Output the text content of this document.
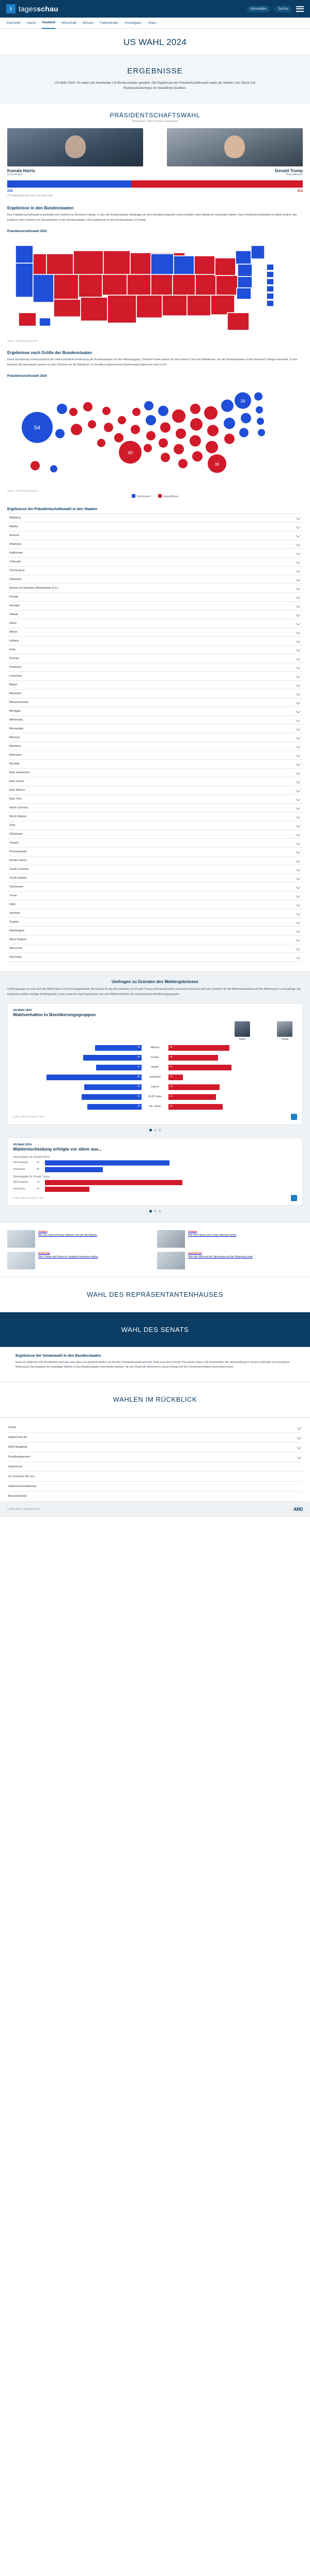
t tagesschau	Anmelden	Suche
Startseite Inland Ausland Wirtschaft Wissen Faktenfinder Investigativ Video
US WAHL 2024
ERGEBNISSE

US-Wahl 2024: So haben die Amerikaner US-Bundesstaaten gewählt. Alle Ergebnisse der Präsidentschaftswahl sowie der Wahlen zum Senat und Repräsentantenhaus im interaktiven Grafiken.

PRÄSIDENTSCHAFTSWAHL
Bundesweit, 100% Stimmen ausgezählt
Kamala Harris
Demokraten
Donald Trump
Republikaner
226	312
270 Wahlleute-Stimmen zum Sieg nötig
Ergebnisse in den Bundesstaaten
Das Präsidentschaftswahl entscheidet sich letztlich an Electoral College. In das die Bundesstaaten abhängig von ihrer Bevölkerungszahl unterschiedlich viele Wahlleute entsenden dürfen. Das Präsidentschaftswahl ist damit letztlich das Ergebnis einer Summe von Einzelwahlen in den Bundesstaaten. Die Ergebnisse in den Bundesstaaten im Detail:
Präsidentschaftswahl 2024
Quelle: AP/Stand: tagesschau
Ergebnisse nach Größe der Bundesstaaten
Diese Darstellung veranschaulicht die unterschiedliche Bedeutung der Bundesstaaten für den Wahlausgang. Größere Kreise stehen für eine höhere Zahl von Wahlleuten, die der Bundesstaaten in das Electoral College entsendet. In den kleinsten Bundesstaaten gehen nur drei Stimmen an die Wahlleute, im bevölkerungsreichsten Bundesstaat Kalifornien sind es 54.
Präsidentschaftswahl 2024
54
40
30
28
Quelle: AP/Stand: tagesschau
Demokraten	Republikaner
Ergebnisse der Präsidentschaftswahl in den Staaten
Alabama
Alaska
Arizona
Arkansas
Kalifornien
Colorado
Connecticut
Delaware
District of Columbia (Washington D.C.)
Florida
Georgia
Hawaii
Idaho
Illinois
Indiana
Iowa
Kansas
Kentucky
Louisiana
Maine
Maryland
Massachusetts
Michigan
Minnesota
Mississippi
Missouri
Montana
Nebraska
Nevada
New Hampshire
New Jersey
New Mexico
New York
North Carolina
North Dakota
Ohio
Oklahoma
Oregon
Pennsylvania
Rhode Island
South Carolina
South Dakota
Tennessee
Texas
Utah
Vermont
Virginia
Washington
West Virginia
Wisconsin
Wyoming
Umfragen zu Gründen des Wahlergebnisses

In Befragungen vor und nach der Wahl haben US-Forschungsinstitute die Gründe für das Abschneiden von Donald Trump und Kamala Harris untersucht und auch nach den Gründen für die Wahlentscheidung und die Stimmung im Land gefragt. Die Ergebnisse helfen wichtige Anhaltspunkte zu den Ursachen des Ergebnisses und zum Wählerverhalten der verschiedenen Bevölkerungsgruppen.

US-Wahl 2024
Wahlverhalten in Bevölkerungsgruppen
Harris	Trump
42	Männer	55
53	Frauen	45
41	Weiße	57
86	Schwarze	13
52	Latinos	46
54	18-29 Jahre	43
49	65+ Jahre	49
Quelle: Edison Research / NEP
US-Wahl 2024
Wahlentscheidung erfolgte vor allem aus...
Stimmabgabe für Kamala Harris
Überzeugung	67
Abneigung	31
Stimmabgabe für Donald Trump
Überzeugung	74
Abneigung	24
Quelle: Edison Research / NEP
Analyse
Wie die USA auf Kurse Stimme und wie die Wahlen
Analyse
Wie sich Harris und Trump Stimmen teilen
Reportage
Was Trump und Harris im Vergleich bewerten wollen
Hintergrund
Was die USA und die Stimmung und die Stimmung zeigt
WAHL DES REPRÄSENTANTENHAUSES
WAHL DES SENATS
Ergebnisse der Senatswahl in den Bundesstaaten

Etwa ein Drittel der 100 Senatssitze wird alle zwei Jahre neu gewählt. Anders als bei der Präsidentenwahl wird kein Staat nach dem Prinzip 'The winner takes it all' entschieden. Die Sitzverteilung im Senat ist deshalb von besonderer Bedeutung: Das Ergebnis der jeweiligen Wahlen in den Bundesstaaten entscheidet darüber, ob eine Partei die Mehrheit im Senat erlangt und ihre Gesetzesvorhaben durchsetzen kann.

WAHLEN IM RÜCKBLICK
Inland
tagesschau.de
ARD-Angebote
Rundfunkgremien
Impressum
Zu erreichen Sie uns
Datenschutzerklärung
Barrierefreiheit
© ARD-aktuell / tagesschau.de	ARD
